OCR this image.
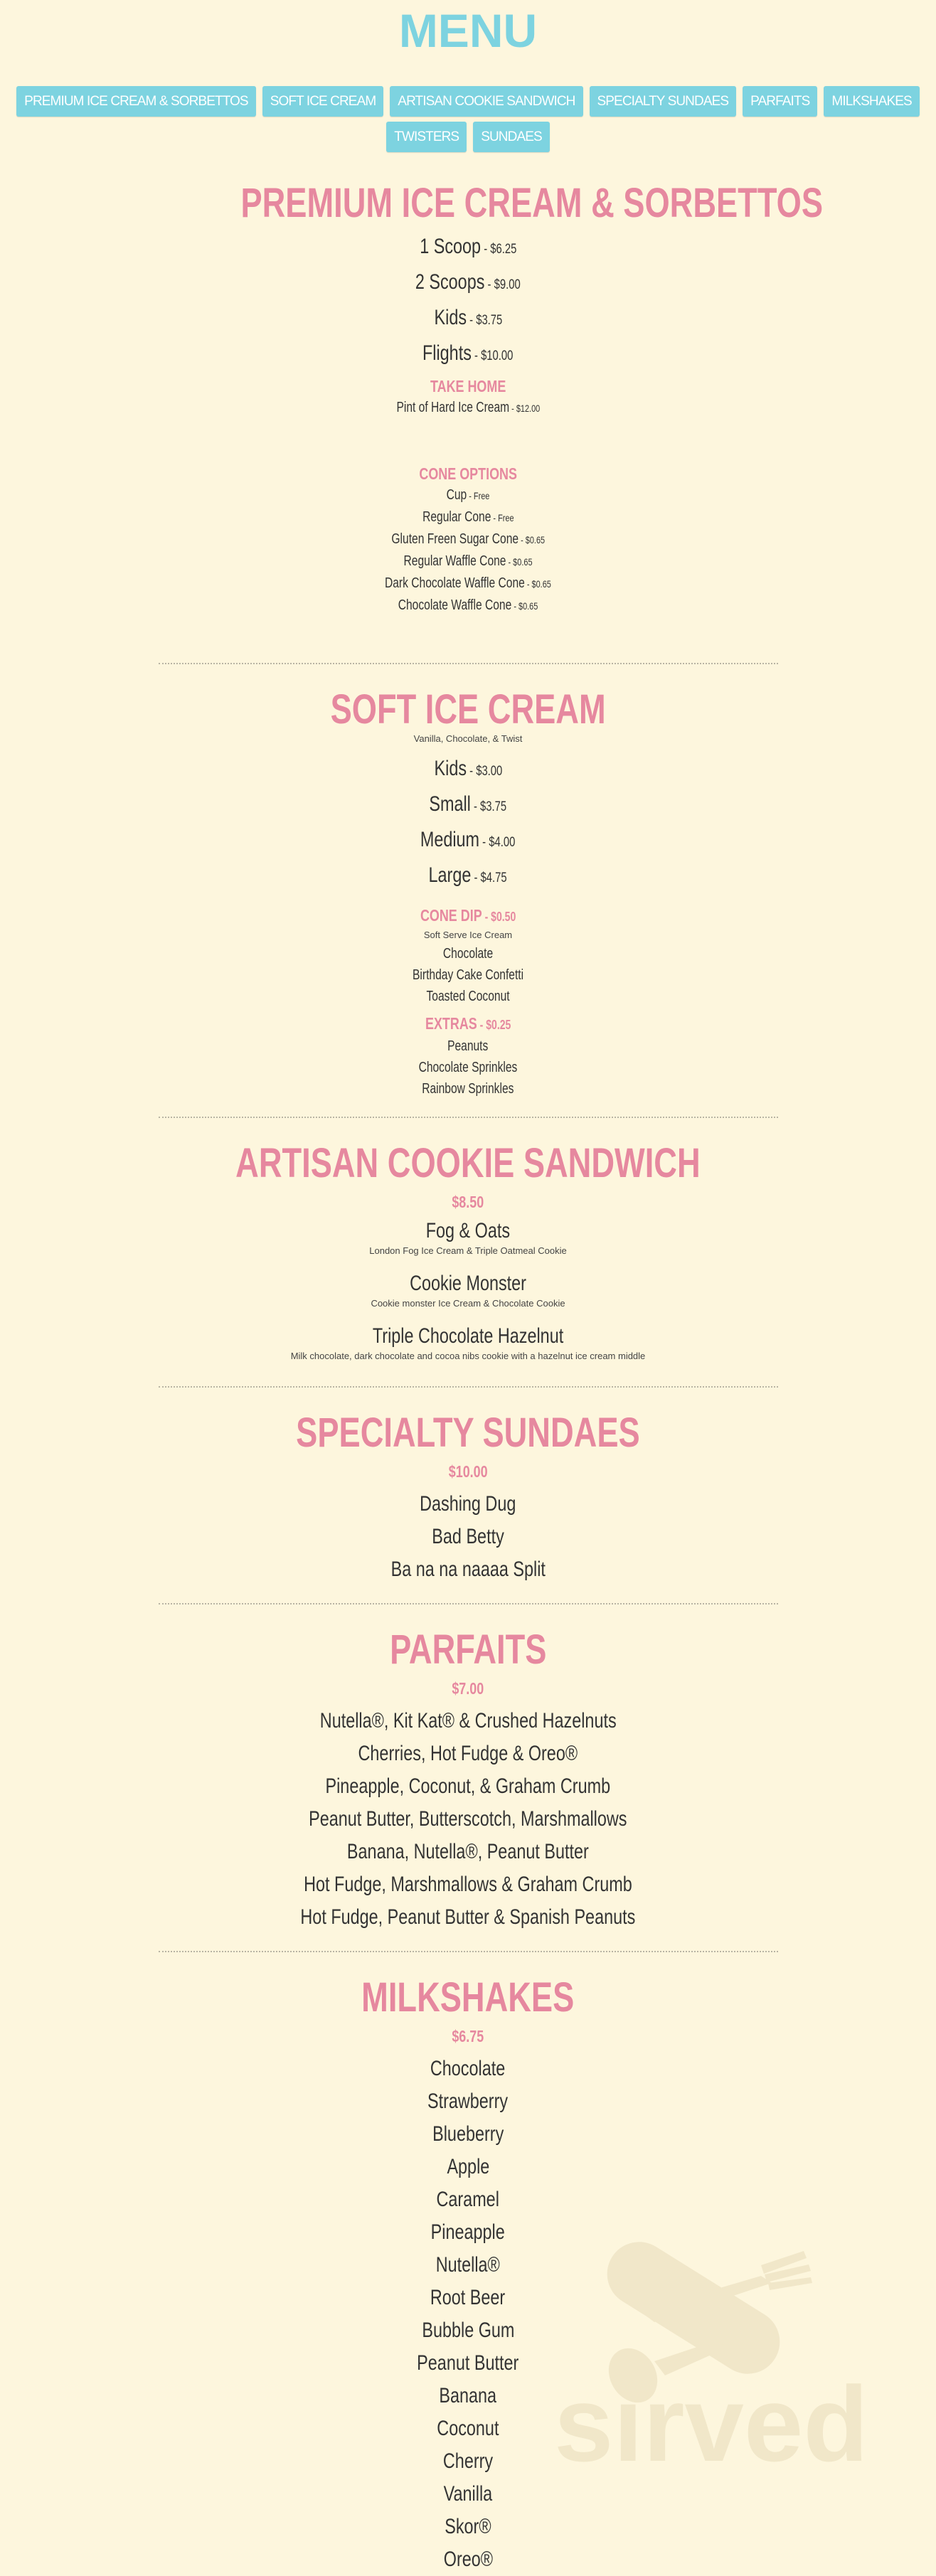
MENU
PREMIUM ICE CREAM & SORBETTOS	SOFT ICE CREAM	ARTISAN COOKIE SANDWICH	SPECIALTY SUNDAES	PARFAITS	MILKSHAKES
TWISTERS	SUNDAES
PREMIUM ICE CREAM & SORBETTOS
1 Scoop - $6.25
2 Scoops - $9.00
Kids - $3.75
Flights - $10.00
TAKE HOME
Pint of Hard Ice Cream - $12.00
CONE OPTIONS
Cup - Free
Regular Cone - Free
Gluten Freen Sugar Cone - $0.65
Regular Waffle Cone - $0.65
Dark Chocolate Waffle Cone - $0.65
Chocolate Waffle Cone - $0.65
SOFT ICE CREAM
Vanilla, Chocolate, & Twist
Kids - $3.00
Small - $3.75
Medium - $4.00
Large - $4.75
CONE DIP - $0.50
Soft Serve Ice Cream
Chocolate
Birthday Cake Confetti
Toasted Coconut
EXTRAS - $0.25
Peanuts
Chocolate Sprinkles
Rainbow Sprinkles
ARTISAN COOKIE SANDWICH
$8.50
Fog & Oats
London Fog Ice Cream & Triple Oatmeal Cookie
Cookie Monster
Cookie monster Ice Cream & Chocolate Cookie
Triple Chocolate Hazelnut
Milk chocolate, dark chocolate and cocoa nibs cookie with a hazelnut ice cream middle
SPECIALTY SUNDAES
$10.00
Dashing Dug
Bad Betty
Ba na na naaaa Split
PARFAITS
$7.00
Nutella®, Kit Kat® & Crushed Hazelnuts
Cherries, Hot Fudge & Oreo®
Pineapple, Coconut, & Graham Crumb
Peanut Butter, Butterscotch, Marshmallows
Banana, Nutella®, Peanut Butter
Hot Fudge, Marshmallows & Graham Crumb
Hot Fudge, Peanut Butter & Spanish Peanuts
MILKSHAKES
$6.75
Chocolate
Strawberry
Blueberry
Apple
Caramel
Pineapple
Nutella®
Root Beer
Bubble Gum
Peanut Butter
Banana
Coconut
Cherry
Vanilla
Skor®
Oreo®
sirved
